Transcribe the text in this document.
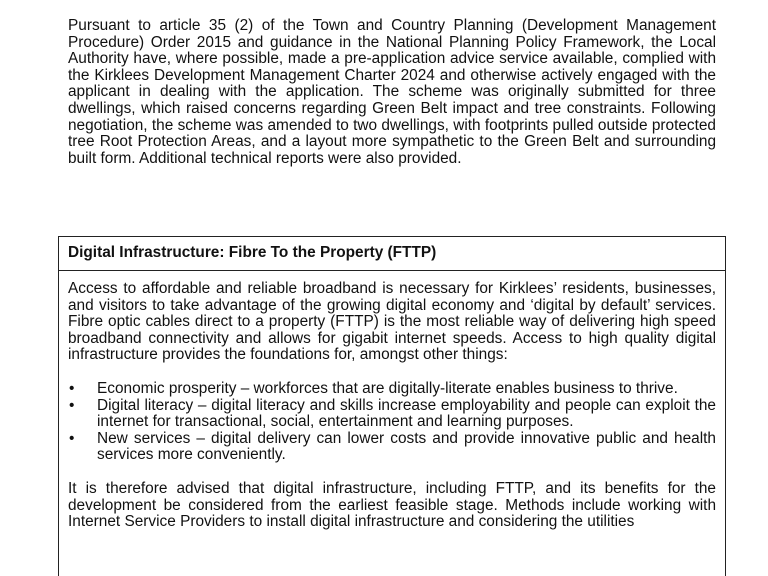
Pursuant to article 35 (2) of the Town and Country Planning (Development Management Procedure) Order 2015 and guidance in the National Planning Policy Framework, the Local Authority have, where possible, made a pre-application advice service available, complied with the Kirklees Development Management Charter 2024 and otherwise actively engaged with the applicant in dealing with the application. The scheme was originally submitted for three dwellings, which raised concerns regarding Green Belt impact and tree constraints. Following negotiation, the scheme was amended to two dwellings, with footprints pulled outside protected tree Root Protection Areas, and a layout more sympathetic to the Green Belt and surrounding built form. Additional technical reports were also provided.

Digital Infrastructure: Fibre To the Property (FTTP)

Access to affordable and reliable broadband is necessary for Kirklees’ residents, businesses, and visitors to take advantage of the growing digital economy and ‘digital by default’ services. Fibre optic cables direct to a property (FTTP) is the most reliable way of delivering high speed broadband connectivity and allows for gigabit internet speeds. Access to high quality digital infrastructure provides the foundations for, amongst other things:

• Economic prosperity – workforces that are digitally-literate enables business to thrive.
• Digital literacy – digital literacy and skills increase employability and people can exploit the internet for transactional, social, entertainment and learning purposes.
• New services – digital delivery can lower costs and provide innovative public and health services more conveniently.

It is therefore advised that digital infrastructure, including FTTP, and its benefits for the development be considered from the earliest feasible stage. Methods include working with Internet Service Providers to install digital infrastructure and considering the utilities
